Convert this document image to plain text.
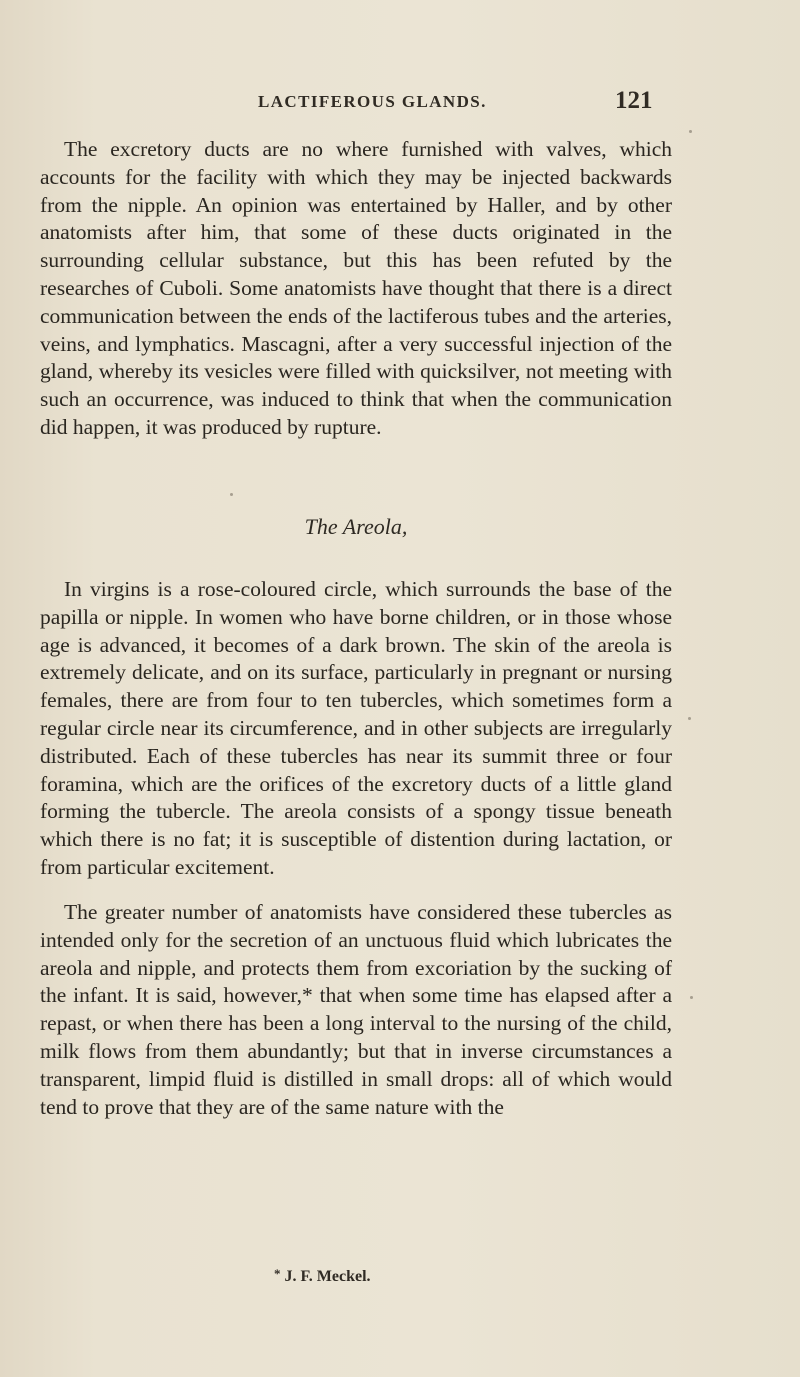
LACTIFEROUS GLANDS.	121

The excretory ducts are no where furnished with valves, which accounts for the facility with which they may be injected backwards from the nipple. An opinion was entertained by Haller, and by other anatomists after him, that some of these ducts originated in the surrounding cellular substance, but this has been refuted by the researches of Cuboli. Some anatomists have thought that there is a direct communication between the ends of the lactiferous tubes and the arteries, veins, and lymphatics. Mascagni, after a very successful injection of the gland, whereby its vesicles were filled with quicksilver, not meeting with such an occurrence, was induced to think that when the communication did happen, it was produced by rupture.

The Areola,

In virgins is a rose-coloured circle, which surrounds the base of the papilla or nipple. In women who have borne children, or in those whose age is advanced, it becomes of a dark brown. The skin of the areola is extremely delicate, and on its surface, particularly in pregnant or nursing females, there are from four to ten tubercles, which sometimes form a regular circle near its circumference, and in other subjects are irregularly distributed. Each of these tubercles has near its summit three or four foramina, which are the orifices of the excretory ducts of a little gland forming the tubercle. The areola consists of a spongy tissue beneath which there is no fat; it is susceptible of distention during lactation, or from particular excitement.

The greater number of anatomists have considered these tubercles as intended only for the secretion of an unctuous fluid which lubricates the areola and nipple, and protects them from excoriation by the sucking of the infant. It is said, however,* that when some time has elapsed after a repast, or when there has been a long interval to the nursing of the child, milk flows from them abundantly; but that in inverse circumstances a transparent, limpid fluid is distilled in small drops: all of which would tend to prove that they are of the same nature with the

* J. F. Meckel.
